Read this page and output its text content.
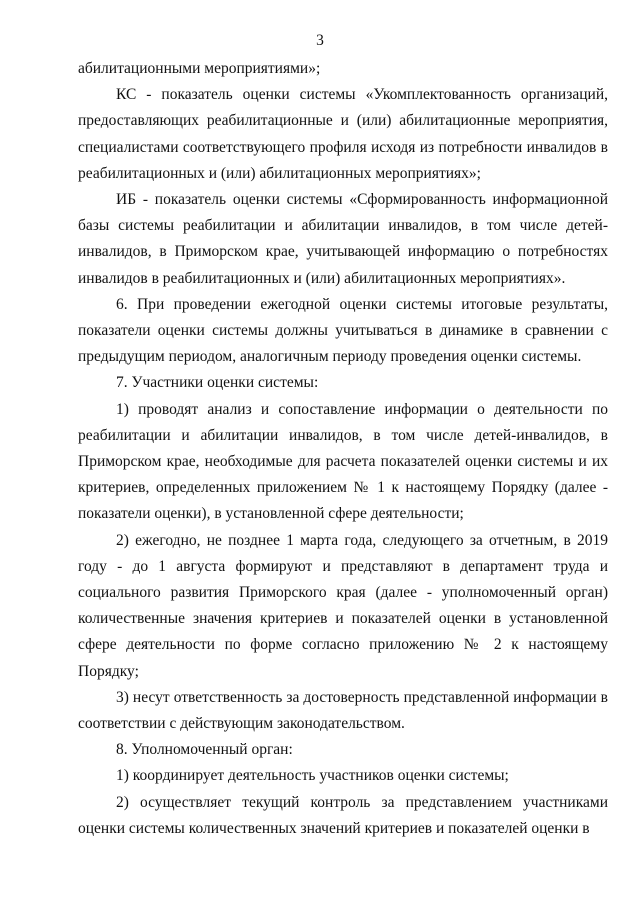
3

абилитационными мероприятиями»;

КС - показатель оценки системы «Укомплектованность организаций, предоставляющих реабилитационные и (или) абилитационные мероприятия, специалистами соответствующего профиля исходя из потребности инвалидов в реабилитационных и (или) абилитационных мероприятиях»;

ИБ - показатель оценки системы «Сформированность информационной базы системы реабилитации и абилитации инвалидов, в том числе детей-инвалидов, в Приморском крае, учитывающей информацию о потребностях инвалидов в реабилитационных и (или) абилитационных мероприятиях».

6. При проведении ежегодной оценки системы итоговые результаты, показатели оценки системы должны учитываться в динамике в сравнении с предыдущим периодом, аналогичным периоду проведения оценки системы.

7. Участники оценки системы:

1) проводят анализ и сопоставление информации о деятельности по реабилитации и абилитации инвалидов, в том числе детей-инвалидов, в Приморском крае, необходимые для расчета показателей оценки системы и их критериев, определенных приложением № 1 к настоящему Порядку (далее - показатели оценки), в установленной сфере деятельности;

2) ежегодно, не позднее 1 марта года, следующего за отчетным, в 2019 году - до 1 августа формируют и представляют в департамент труда и социального развития Приморского края (далее - уполномоченный орган) количественные значения критериев и показателей оценки в установленной сфере деятельности по форме согласно приложению № 2 к настоящему Порядку;

3) несут ответственность за достоверность представленной информации в соответствии с действующим законодательством.

8. Уполномоченный орган:

1) координирует деятельность участников оценки системы;

2) осуществляет текущий контроль за представлением участниками оценки системы количественных значений критериев и показателей оценки в
